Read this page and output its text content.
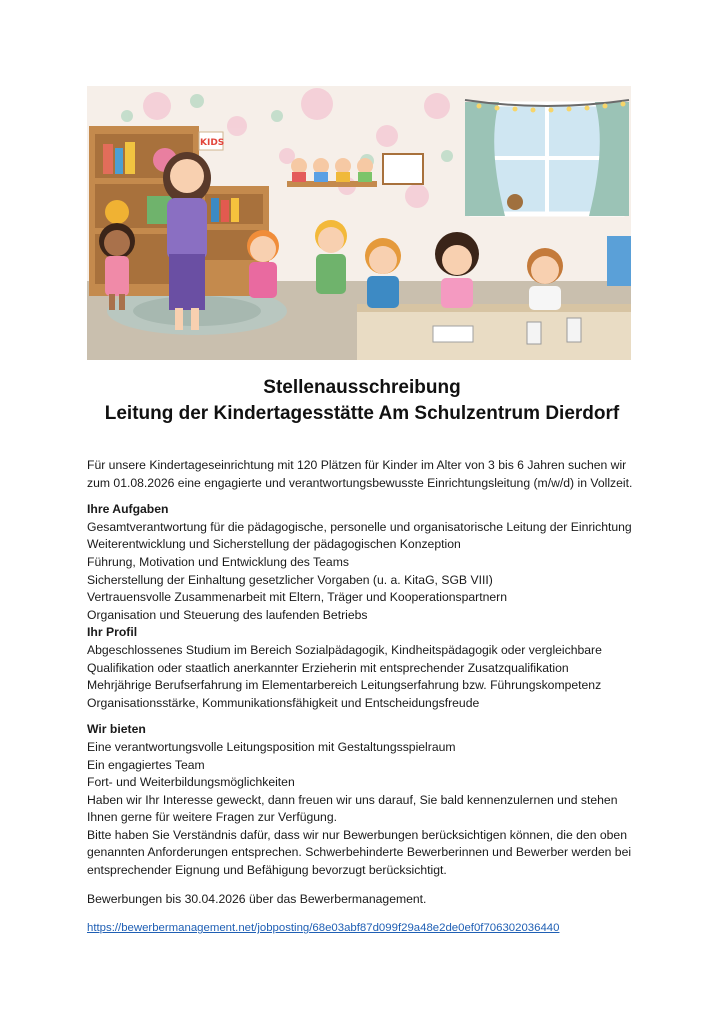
KIDS
Stellenausschreibung
Leitung der Kindertagesstätte Am Schulzentrum Dierdorf

Für unsere Kindertageseinrichtung mit 120 Plätzen für Kinder im Alter von 3 bis 6 Jahren suchen wir zum 01.08.2026 eine engagierte und verantwortungsbewusste Einrichtungsleitung (m/w/d) in Vollzeit.

Ihre Aufgaben

Gesamtverantwortung für die pädagogische, personelle und organisatorische Leitung der Einrichtung

Weiterentwicklung und Sicherstellung der pädagogischen Konzeption

Führung, Motivation und Entwicklung des Teams

Sicherstellung der Einhaltung gesetzlicher Vorgaben (u. a. KitaG, SGB VIII)

Vertrauensvolle Zusammenarbeit mit Eltern, Träger und Kooperationspartnern

Organisation und Steuerung des laufenden Betriebs

Ihr Profil

Abgeschlossenes Studium im Bereich Sozialpädagogik, Kindheitspädagogik oder vergleichbare Qualifikation oder staatlich anerkannter Erzieherin mit entsprechender Zusatzqualifikation

Mehrjährige Berufserfahrung im Elementarbereich Leitungserfahrung bzw. Führungskompetenz

Organisationsstärke, Kommunikationsfähigkeit und Entscheidungsfreude

Wir bieten

Eine verantwortungsvolle Leitungsposition mit Gestaltungsspielraum

Ein engagiertes Team

Fort- und Weiterbildungsmöglichkeiten

Haben wir Ihr Interesse geweckt, dann freuen wir uns darauf, Sie bald kennenzulernen und stehen Ihnen gerne für weitere Fragen zur Verfügung.

Bitte haben Sie Verständnis dafür, dass wir nur Bewerbungen berücksichtigen können, die den oben genannten Anforderungen entsprechen. Schwerbehinderte Bewerberinnen und Bewerber werden bei entsprechender Eignung und Befähigung bevorzugt berücksichtigt.

Bewerbungen bis 30.04.2026 über das Bewerbermanagement.

https://bewerbermanagement.net/jobposting/68e03abf87d099f29a48e2de0ef0f706302036440
